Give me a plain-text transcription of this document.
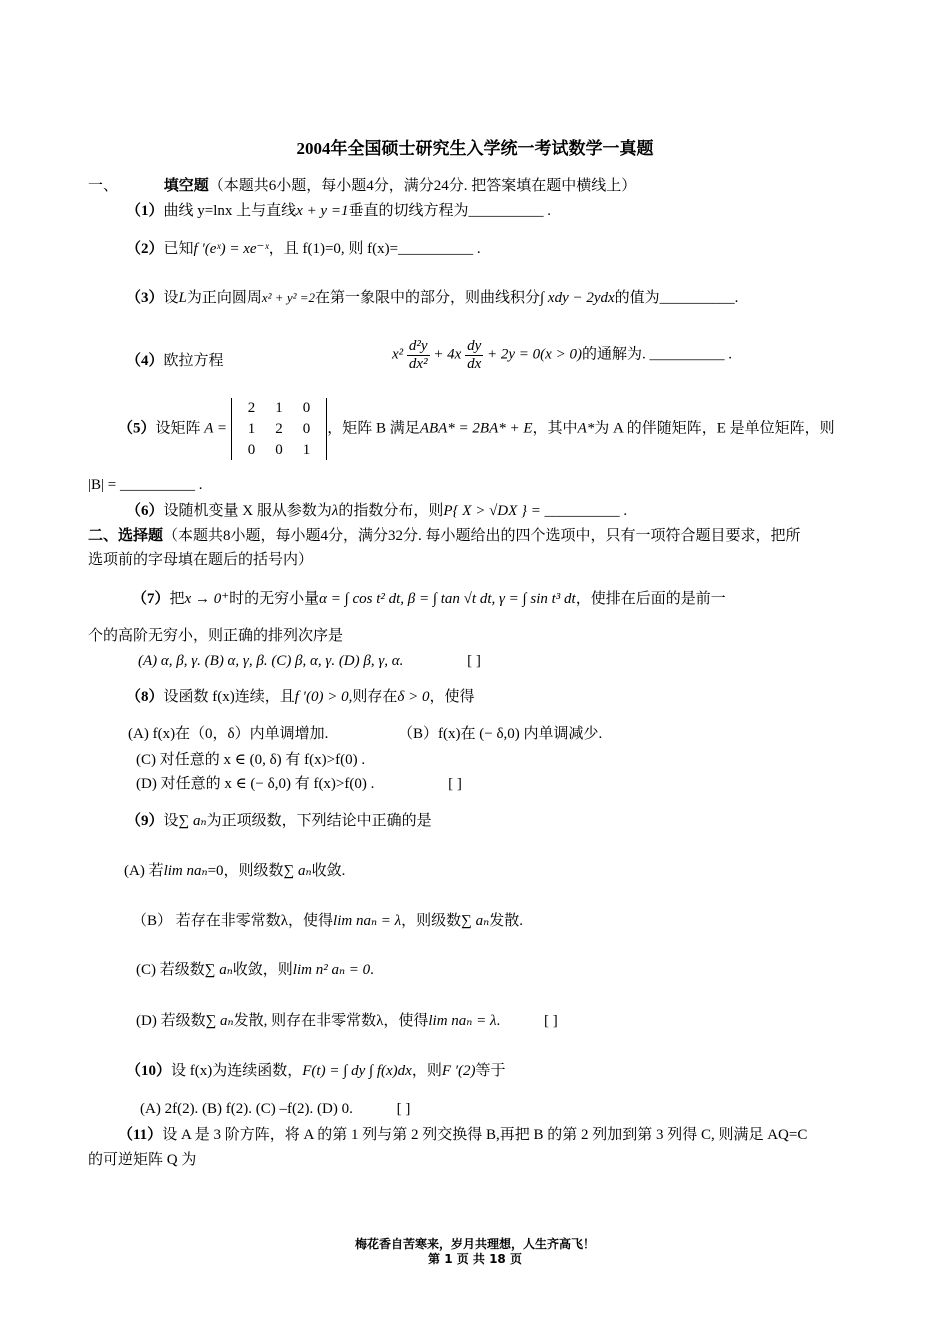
2004年全国硕士研究生入学统一考试数学一真题
一、	填空题（本题共6小题，每小题4分，满分24分. 把答案填在题中横线上）
（1）曲线 y=lnx 上与直线x + y =1垂直的切线方程为__________ .
（2）已知f ′(eˣ) = xe⁻ˣ，且 f(1)=0, 则 f(x)=__________ .
（3）设L为正向圆周x² + y² =2在第一象限中的部分，则曲线积分∫ xdy − 2ydx的值为__________.
（4）欧拉方程	$x^2 \frac{\text{d²y}}{\text{dx²}} + 4x \frac{dy}{dx} + 2y = 0(x > 0)$的通解为. __________ .
（5）设矩阵 A =
2	1	0
1	2	0
0	0	1
，矩阵 B 满足ABA* = 2BA* + E，其中A*为 A 的伴随矩阵，E 是单位矩阵，则
|B| = __________ .
（6）设随机变量 X 服从参数为λ的指数分布，则P{ X > √DX } = __________ .
二、选择题（本题共8小题，每小题4分，满分32分. 每小题给出的四个选项中，只有一项符合题目要求，把所
选项前的字母填在题后的括号内）
（7）把x → 0⁺时的无穷小量α = ∫ cos t² dt, β = ∫ tan √t dt, γ = ∫ sin t³ dt，使排在后面的是前一
个的高阶无穷小，则正确的排列次序是
(A) α, β, γ. (B) α, γ, β. (C) β, α, γ. (D) β, γ, α.	[ ]
（8）设函数 f(x)连续，且f ′(0) > 0,则存在δ > 0，使得
(A) f(x)在（0，δ）内单调增加.	（B）f(x)在 (− δ,0) 内单调减少.
(C) 对任意的 x ∈ (0, δ) 有 f(x)>f(0) .
(D) 对任意的 x ∈ (− δ,0) 有 f(x)>f(0) .	[ ]
（9）设∑ aₙ为正项级数，下列结论中正确的是
(A) 若lim naₙ=0，则级数∑ aₙ收敛.
（B） 若存在非零常数λ，使得lim naₙ = λ，则级数∑ aₙ发散.
(C) 若级数∑ aₙ收敛，则lim n² aₙ = 0.
(D) 若级数∑ aₙ发散, 则存在非零常数λ，使得lim naₙ = λ.	[ ]
（10）设 f(x)为连续函数，F(t) = ∫ dy ∫ f(x)dx，则F ′(2)等于
(A) 2f(2). (B) f(2). (C) –f(2). (D) 0.	[ ]
（11）设 A 是 3 阶方阵，将 A 的第 1 列与第 2 列交换得 B,再把 B 的第 2 列加到第 3 列得 C, 则满足 AQ=C
的可逆矩阵 Q 为
梅花香自苦寒来，岁月共理想，人生齐高飞！
第 1 页 共 18 页
